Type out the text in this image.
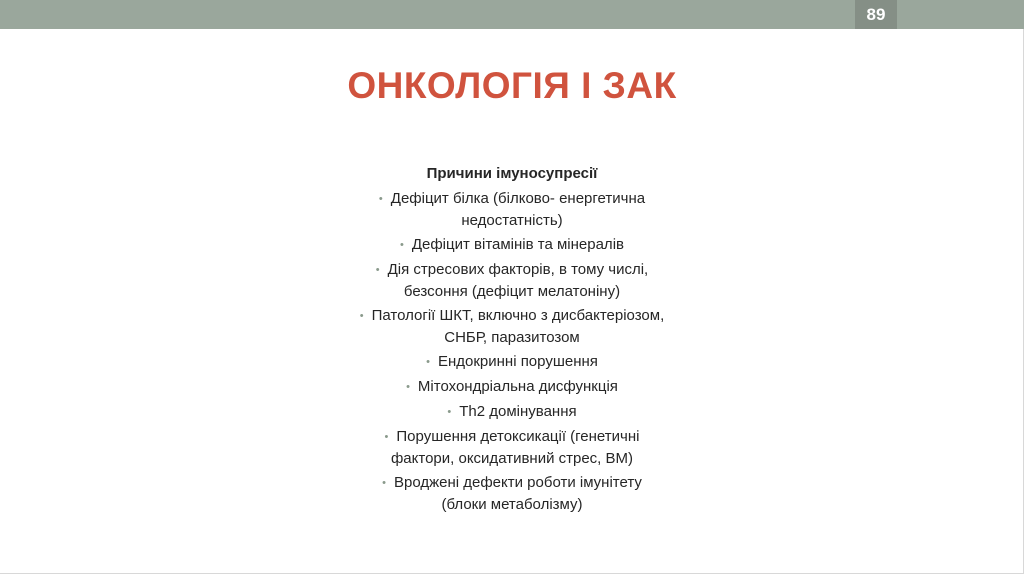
89
ОНКОЛОГІЯ І ЗАК
Причини імуносупресії
• Дефіцит білка (білково- енергетична
недостатність)
• Дефіцит вітамінів та мінералів
• Дія стресових факторів, в тому числі,
безсоння (дефіцит мелатоніну)
• Патології ШКТ, включно з дисбактеріозом,
СНБР, паразитозом
• Ендокринні порушення
• Мітохондріальна дисфункція
• Th2 домінування
• Порушення детоксикації (генетичні
фактори, оксидативний стрес, ВМ)
• Вроджені дефекти роботи імунітету
(блоки метаболізму)
